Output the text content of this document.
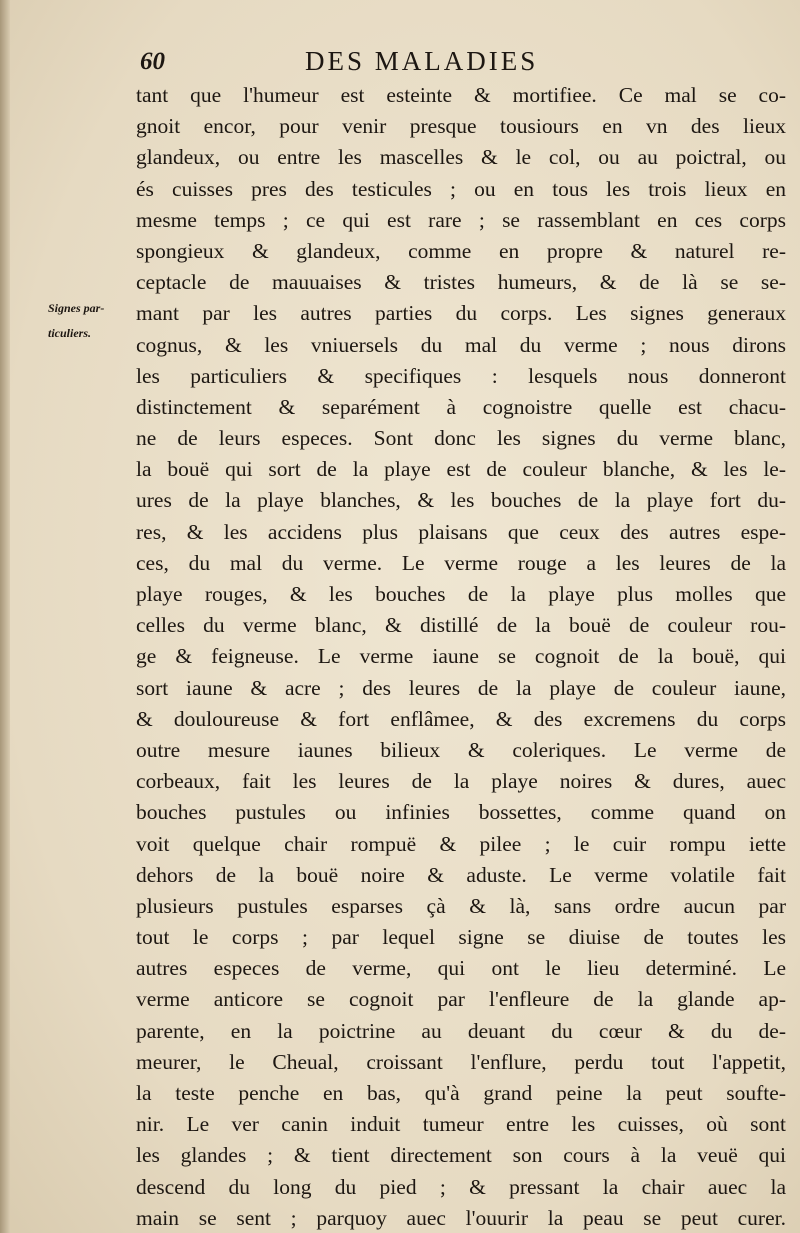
60	DES MALADIES
Signes par-
ticuliers.
tant que l'humeur est esteinte & mortifiee. Ce mal se co-
gnoit encor, pour venir presque tousiours en vn des lieux
glandeux, ou entre les mascelles & le col, ou au poictral, ou
és cuisses pres des testicules ; ou en tous les trois lieux en
mesme temps ; ce qui est rare ; se rassemblant en ces corps
spongieux & glandeux, comme en propre & naturel re-
ceptacle de mauuaises & tristes humeurs, & de là se se-
mant par les autres parties du corps. Les signes generaux
cognus, & les vniuersels du mal du verme ; nous dirons
les particuliers & specifiques : lesquels nous donneront
distinctement & separément à cognoistre quelle est chacu-
ne de leurs especes. Sont donc les signes du verme blanc,
la bouë qui sort de la playe est de couleur blanche, & les le-
ures de la playe blanches, & les bouches de la playe fort du-
res, & les accidens plus plaisans que ceux des autres espe-
ces, du mal du verme. Le verme rouge a les leures de la
playe rouges, & les bouches de la playe plus molles que
celles du verme blanc, & distillé de la bouë de couleur rou-
ge & feigneuse. Le verme iaune se cognoit de la bouë, qui
sort iaune & acre ; des leures de la playe de couleur iaune,
& douloureuse & fort enflâmee, & des excremens du corps
outre mesure iaunes bilieux & coleriques. Le verme de
corbeaux, fait les leures de la playe noires & dures, auec
bouches pustules ou infinies bossettes, comme quand on
voit quelque chair rompuë & pilee ; le cuir rompu iette
dehors de la bouë noire & aduste. Le verme volatile fait
plusieurs pustules esparses çà & là, sans ordre aucun par
tout le corps ; par lequel signe se diuise de toutes les
autres especes de verme, qui ont le lieu determiné. Le
verme anticore se cognoit par l'enfleure de la glande ap-
parente, en la poictrine au deuant du cœur & du de-
meurer, le Cheual, croissant l'enflure, perdu tout l'appetit,
la teste penche en bas, qu'à grand peine la peut soufte-
nir. Le ver canin induit tumeur entre les cuisses, où sont
les glandes ; & tient directement son cours à la veuë qui
descend du long du pied ; & pressant la chair auec la
main se sent ; parquoy auec l'ouurir la peau se peut curer.
